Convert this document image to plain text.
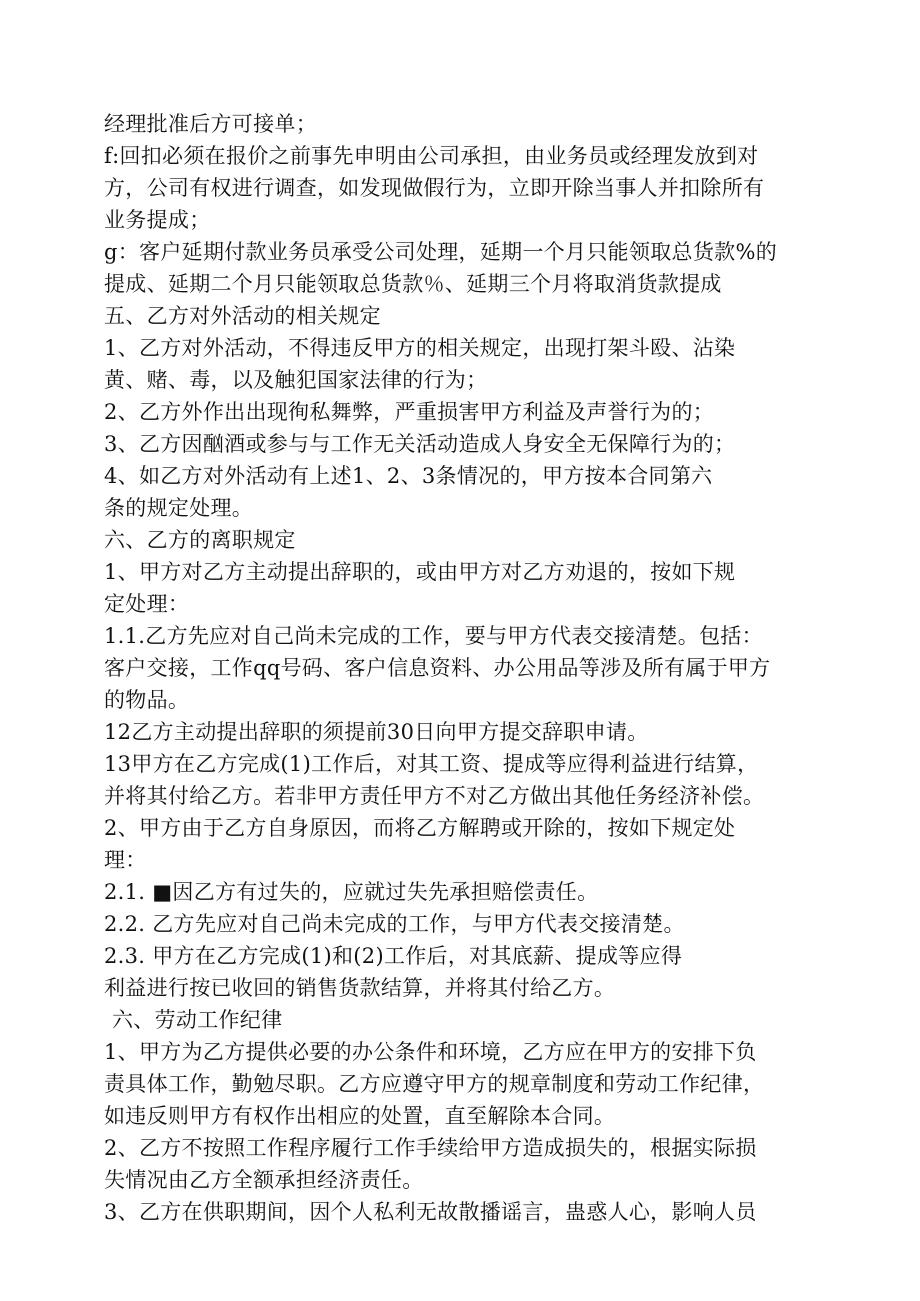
经理批准后方可接单；
f:回扣必须在报价之前事先申明由公司承担，由业务员或经理发放到对
方，公司有权进行调查，如发现做假行为，立即开除当事人并扣除所有
业务提成；
g：客户延期付款业务员承受公司处理，延期一个月只能领取总货款%的
提成、延期二个月只能领取总货款％、延期三个月将取消货款提成
五、乙方对外活动的相关规定
1、乙方对外活动，不得违反甲方的相关规定，出现打架斗殴、沾染
黄、赌、毒，以及触犯国家法律的行为；
2、乙方外作出出现徇私舞弊，严重损害甲方利益及声誉行为的；
3、乙方因酗酒或参与与工作无关活动造成人身安全无保障行为的；
4、如乙方对外活动有上述1、2、3条情况的，甲方按本合同第六
条的规定处理。
六、乙方的离职规定
1、甲方对乙方主动提出辞职的，或由甲方对乙方劝退的，按如下规
定处理：
1.1.乙方先应对自己尚未完成的工作，要与甲方代表交接清楚。包括：
客户交接，工作qq号码、客户信息资料、办公用品等涉及所有属于甲方
的物品。
12乙方主动提出辞职的须提前30日向甲方提交辞职申请。
13甲方在乙方完成(1)工作后，对其工资、提成等应得利益进行结算，
并将其付给乙方。若非甲方责任甲方不对乙方做出其他任务经济补偿。
2、甲方由于乙方自身原因，而将乙方解聘或开除的，按如下规定处
理：
2.1. ■因乙方有过失的，应就过失先承担赔偿责任。
2.2. 乙方先应对自己尚未完成的工作，与甲方代表交接清楚。
2.3. 甲方在乙方完成(1)和(2)工作后，对其底薪、提成等应得
利益进行按已收回的销售货款结算，并将其付给乙方。
六、劳动工作纪律
1、甲方为乙方提供必要的办公条件和环境，乙方应在甲方的安排下负
责具体工作，勤勉尽职。乙方应遵守甲方的规章制度和劳动工作纪律，
如违反则甲方有权作出相应的处置，直至解除本合同。
2、乙方不按照工作程序履行工作手续给甲方造成损失的，根据实际损
失情况由乙方全额承担经济责任。
3、乙方在供职期间，因个人私利无故散播谣言，蛊惑人心，影响人员
